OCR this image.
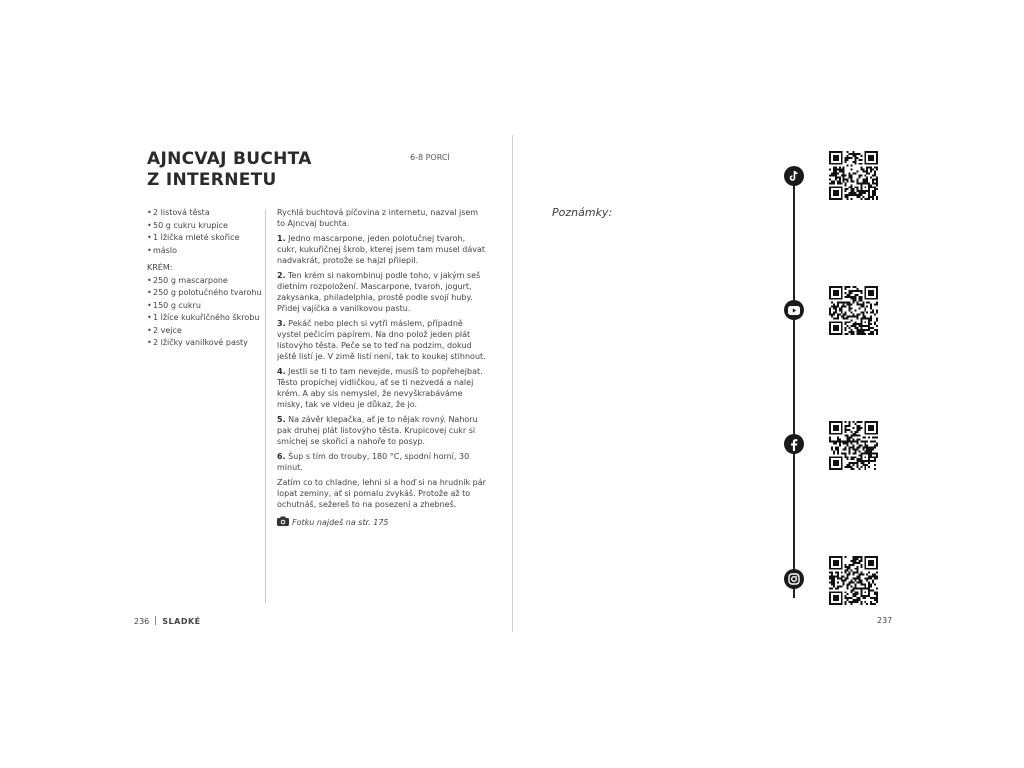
AJNCVAJ BUCHTA
Z INTERNETU
6-8 PORCÍ
• 2 listová těsta
• 50 g cukru krupice
• 1 lžička mleté skořice
• máslo
KRÉM:
• 250 g mascarpone
• 250 g polotučného tvarohu
• 150 g cukru
• 1 lžíce kukuřičného škrobu
• 2 vejce
• 2 lžičky vanilkové pasty

Rychlá buchtová píčovina z internetu, nazval jsem to Ajncvaj buchta.

1. Jedno mascarpone, jeden polotučnej tvaroh, cukr, kukuřičnej škrob, kterej jsem tam musel dávat nadvakrát, protože se hajzl přilepil.

2. Ten krém si nakombinuj podle toho, v jakým seš dietním rozpoložení. Mascarpone, tvaroh, jogurt, zakysanka, philadelphia, prostě podle svojí huby. Přidej vajíčka a vanilkovou pastu.

3. Pekáč nebo plech si vytři máslem, případně vystel pečicím papírem. Na dno polož jeden plát listovýho těsta. Peče se to teď na podzim, dokud ještě listí je. V zimě listí není, tak to koukej stihnout.

4. Jestli se ti to tam nevejde, musíš to popřehejbat. Těsto propíchej vidličkou, ať se ti nezvedá a nalej krém. A aby sis nemyslel, že nevyškrabáváme misky, tak ve videu je důkaz, že jo.

5. Na závěr klepačka, ať je to nějak rovný. Nahoru pak druhej plát listovýho těsta. Krupicovej cukr si smíchej se skořicí a nahoře to posyp.

6. Šup s tím do trouby, 180 °C, spodní horní, 30 minut.

Zatím co to chladne, lehni si a hoď si na hrudník pár lopat zeminy, ať si pomalu zvykáš. Protože až to ochutnáš, sežereš to na posezení a zhebneš.

Fotku najdeš na str. 175
236 SLADKÉ
Poznámky:
237
